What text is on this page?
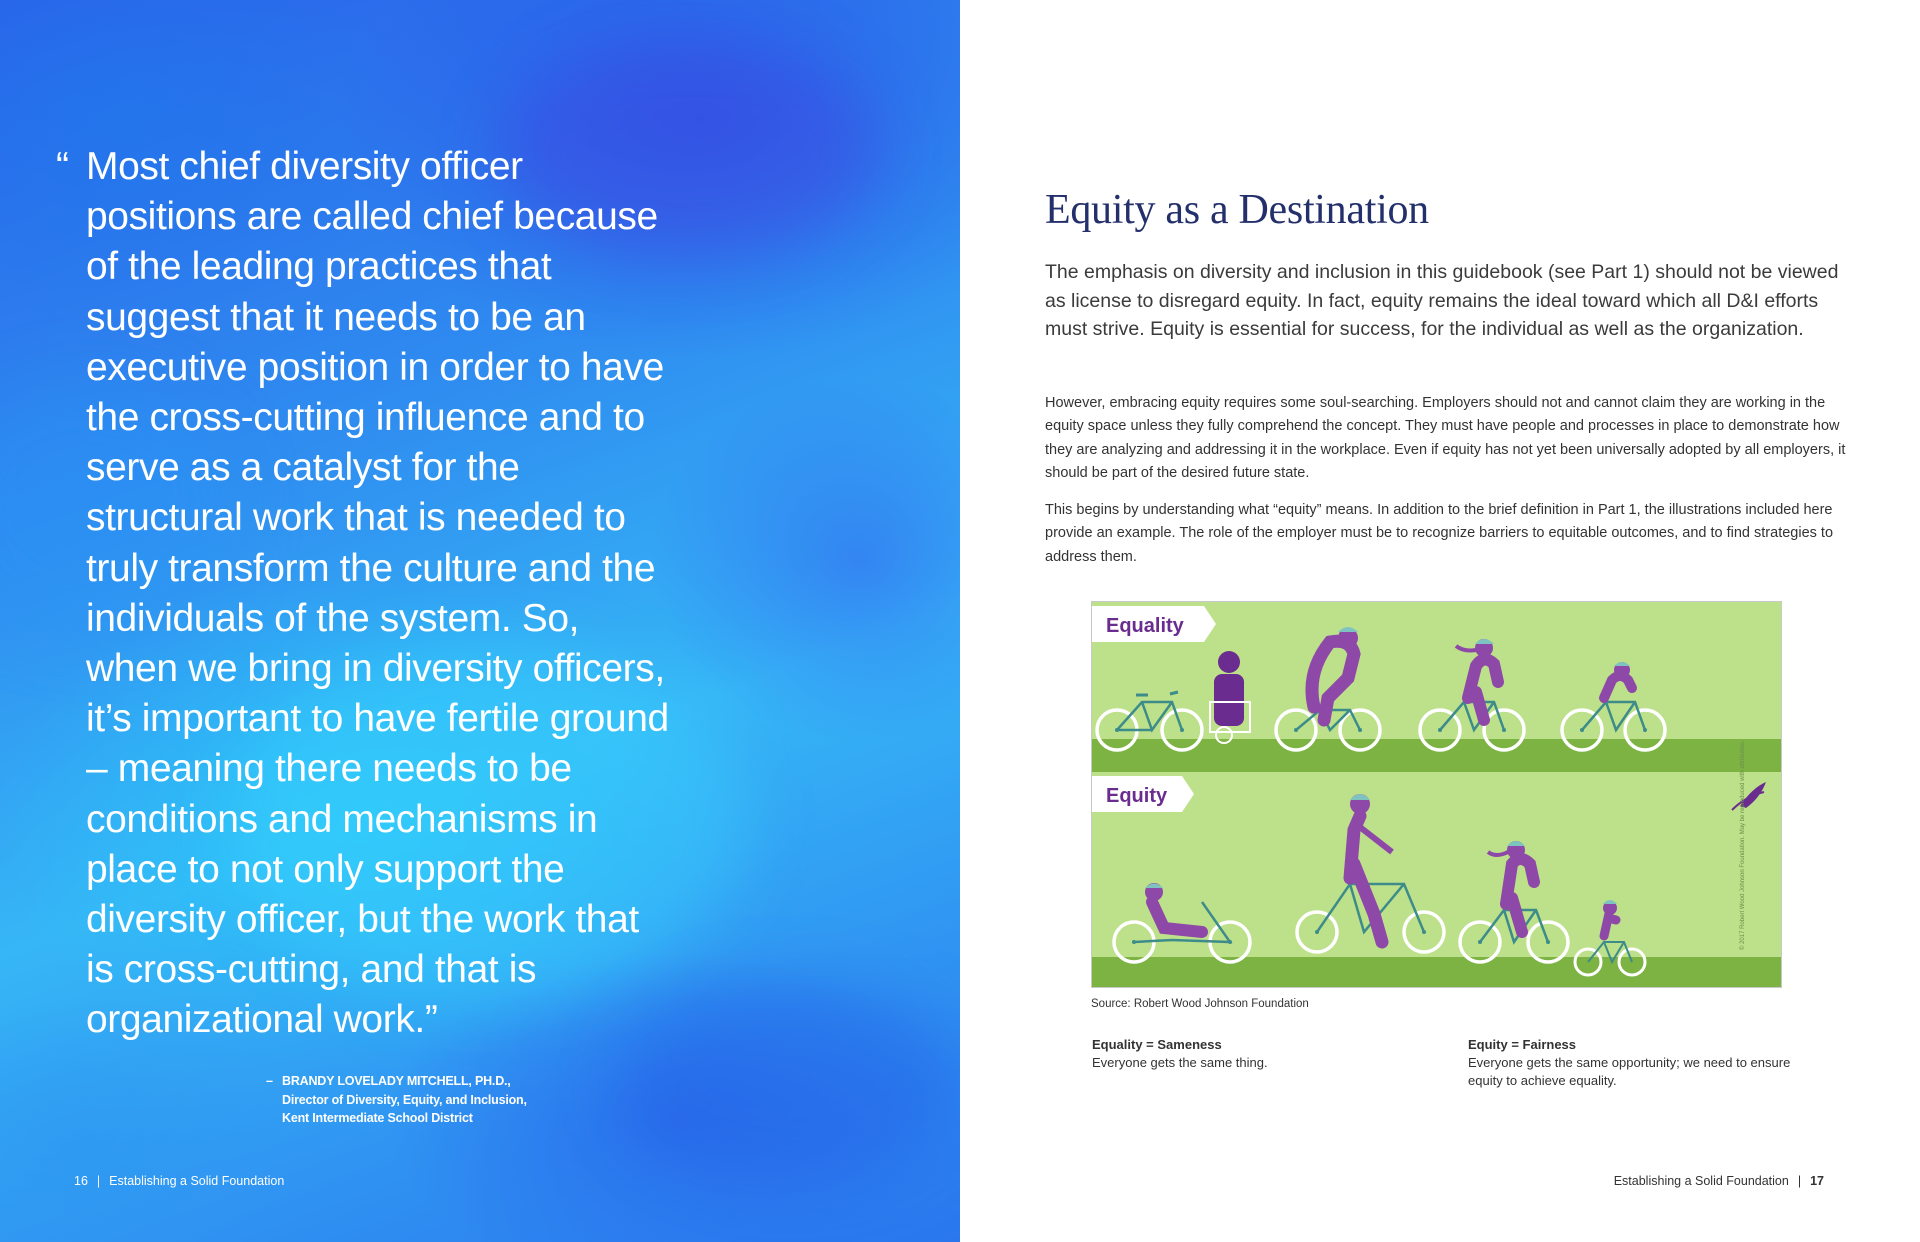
“ Most chief diversity officer positions are called chief because of the leading practices that suggest that it needs to be an executive position in order to have the cross-cutting influence and to serve as a catalyst for the structural work that is needed to truly transform the culture and the individuals of the system. So, when we bring in diversity officers, it’s important to have fertile ground – meaning there needs to be conditions and mechanisms in place to not only support the diversity officer, but the work that is cross-cutting, and that is organizational work.”
– BRANDY LOVELADY MITCHELL, PH.D.,
Director of Diversity, Equity, and Inclusion,
Kent Intermediate School District
16 | Establishing a Solid Foundation
Equity as a Destination

The emphasis on diversity and inclusion in this guidebook (see Part 1) should not be viewed as license to disregard equity. In fact, equity remains the ideal toward which all D&I efforts must strive. Equity is essential for success, for the individual as well as the organization.

However, embracing equity requires some soul-searching. Employers should not and cannot claim they are working in the equity space unless they fully comprehend the concept. They must have people and processes in place to demonstrate how they are analyzing and addressing it in the workplace. Even if equity has not yet been universally adopted by all employers, it should be part of the desired future state.

This begins by understanding what “equity” means. In addition to the brief definition in Part 1, the illustrations included here provide an example. The role of the employer must be to recognize barriers to equitable outcomes, and to find strategies to address them.

Equality
Equity	© 2017 Robert Wood Johnson Foundation. May be reproduced with attribution.
Source: Robert Wood Johnson Foundation
Equality = Sameness
Everyone gets the same thing.
Equity = Fairness
Everyone gets the same opportunity; we need to ensure equity to achieve equality.
Establishing a Solid Foundation | 17
